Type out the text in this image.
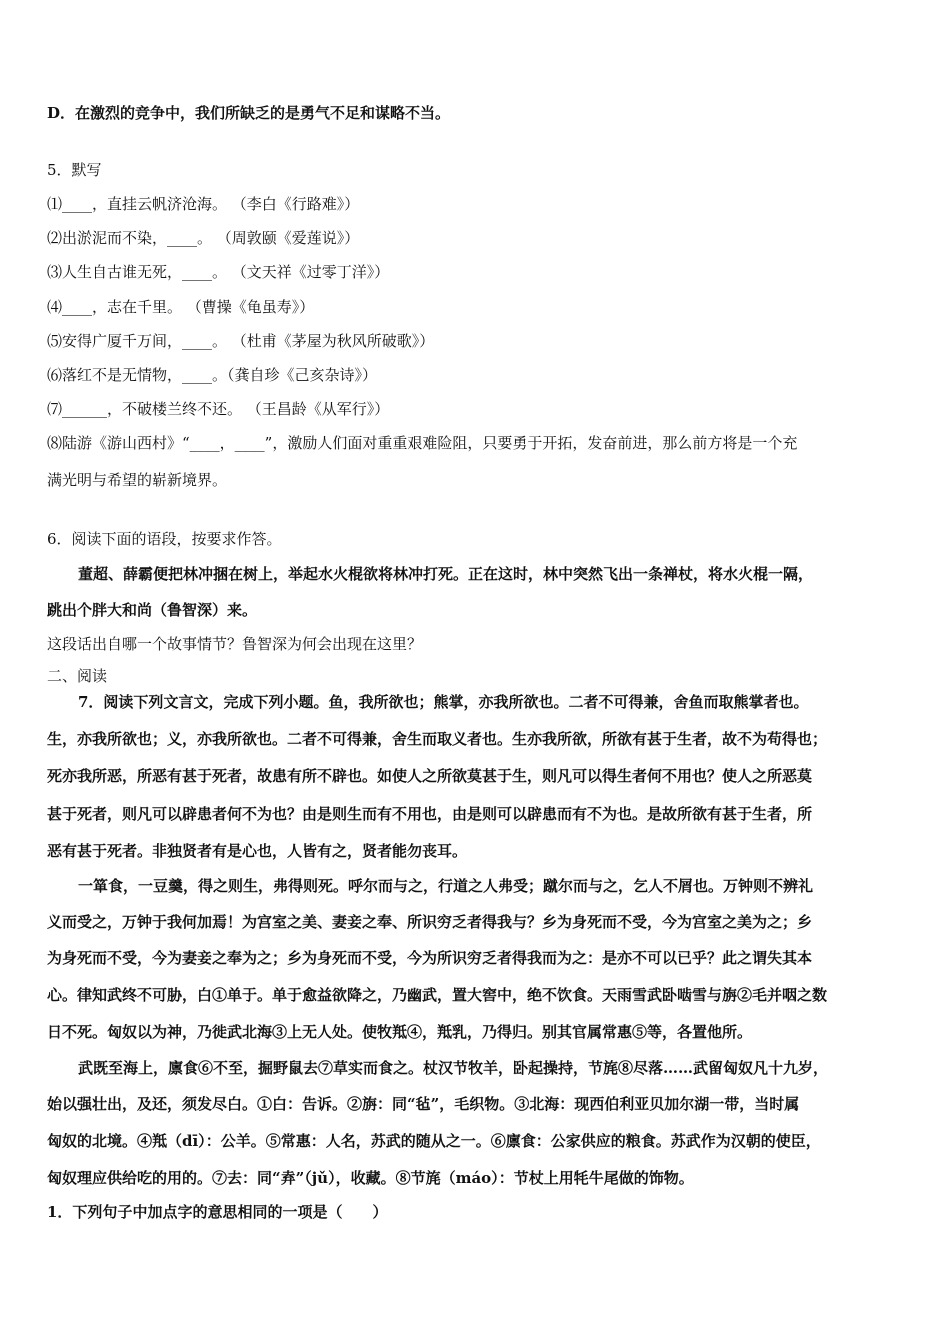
D．在激烈的竞争中，我们所缺乏的是勇气不足和谋略不当。
5．默写
⑴____，直挂云帆济沧海。 （李白《行路难》）
⑵出淤泥而不染，____。 （周敦颐《爱莲说》）
⑶人生自古谁无死，____。 （文天祥《过零丁洋》）
⑷____，志在千里。 （曹操《龟虽寿》）
⑸安得广厦千万间，____。 （杜甫《茅屋为秋风所破歌》）
⑹落红不是无情物，____。（龚自珍《己亥杂诗》）
⑺______，不破楼兰终不还。 （王昌龄《从军行》）
⑻陆游《游山西村》“____，____”，激励人们面对重重艰难险阻，只要勇于开拓，发奋前进，那么前方将是一个充
满光明与希望的崭新境界。
6．阅读下面的语段，按要求作答。
董超、薛霸便把林冲捆在树上，举起水火棍欲将林冲打死。正在这时，林中突然飞出一条禅杖，将水火棍一隔，
跳出个胖大和尚（鲁智深）来。
这段话出自哪一个故事情节？鲁智深为何会出现在这里？
二、阅读
7．阅读下列文言文，完成下列小题。鱼，我所欲也；熊掌，亦我所欲也。二者不可得兼，舍鱼而取熊掌者也。
生，亦我所欲也；义，亦我所欲也。二者不可得兼，舍生而取义者也。生亦我所欲，所欲有甚于生者，故不为苟得也；
死亦我所恶，所恶有甚于死者，故患有所不辟也。如使人之所欲莫甚于生，则凡可以得生者何不用也？使人之所恶莫
甚于死者，则凡可以辟患者何不为也？由是则生而有不用也，由是则可以辟患而有不为也。是故所欲有甚于生者，所
恶有甚于死者。非独贤者有是心也，人皆有之，贤者能勿丧耳。
一箪食，一豆羹，得之则生，弗得则死。呼尔而与之，行道之人弗受；蹴尔而与之，乞人不屑也。万钟则不辨礼
义而受之，万钟于我何加焉！为宫室之美、妻妾之奉、所识穷乏者得我与？乡为身死而不受，今为宫室之美为之；乡
为身死而不受，今为妻妾之奉为之；乡为身死而不受，今为所识穷乏者得我而为之：是亦不可以已乎？此之谓失其本
心。律知武终不可胁，白①单于。单于愈益欲降之，乃幽武，置大窖中，绝不饮食。天雨雪武卧啮雪与旃②毛并咽之数
日不死。匈奴以为神，乃徙武北海③上无人处。使牧羝④，羝乳，乃得归。别其官属常惠⑤等，各置他所。
武既至海上，廪食⑥不至，掘野鼠去⑦草实而食之。杖汉节牧羊，卧起操持，节旄⑧尽落……武留匈奴凡十九岁，
始以强壮出，及还，须发尽白。①白：告诉。②旃：同“毡”，毛织物。③北海：现西伯利亚贝加尔湖一带，当时属
匈奴的北境。④羝（dī）：公羊。⑤常惠：人名，苏武的随从之一。⑥廪食：公家供应的粮食。苏武作为汉朝的使臣，
匈奴理应供给吃的用的。⑦去：同“弆”（jǔ），收藏。⑧节旄（máo）：节杖上用牦牛尾做的饰物。
1．下列句子中加点字的意思相同的一项是（　　）
